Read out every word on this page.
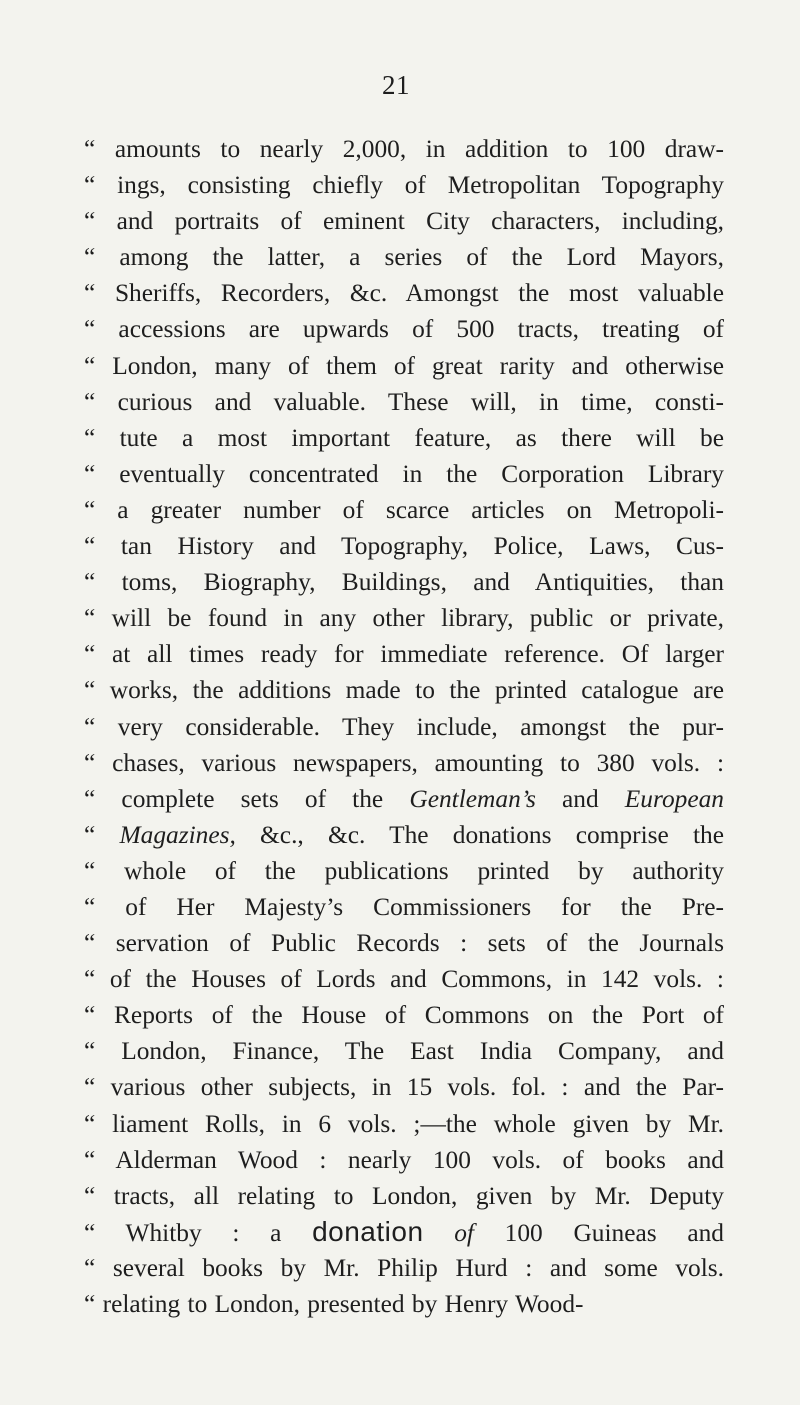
21
“ amounts to nearly 2,000, in addition to 100 draw-
“ ings, consisting chiefly of Metropolitan Topography
“ and portraits of eminent City characters, including,
“ among the latter, a series of the Lord Mayors,
“ Sheriffs, Recorders, &c. Amongst the most valuable
“ accessions are upwards of 500 tracts, treating of
“ London, many of them of great rarity and otherwise
“ curious and valuable. These will, in time, consti-
“ tute a most important feature, as there will be
“ eventually concentrated in the Corporation Library
“ a greater number of scarce articles on Metropoli-
“ tan History and Topography, Police, Laws, Cus-
“ toms, Biography, Buildings, and Antiquities, than
“ will be found in any other library, public or private,
“ at all times ready for immediate reference. Of larger
“ works, the additions made to the printed catalogue are
“ very considerable. They include, amongst the pur-
“ chases, various newspapers, amounting to 380 vols. :
“ complete sets of the Gentleman’s and European
“ Magazines, &c., &c. The donations comprise the
“ whole of the publications printed by authority
“ of Her Majesty’s Commissioners for the Pre-
“ servation of Public Records : sets of the Journals
“ of the Houses of Lords and Commons, in 142 vols. :
“ Reports of the House of Commons on the Port of
“ London, Finance, The East India Company, and
“ various other subjects, in 15 vols. fol. : and the Par-
“ liament Rolls, in 6 vols. ;—the whole given by Mr.
“ Alderman Wood : nearly 100 vols. of books and
“ tracts, all relating to London, given by Mr. Deputy
“ Whitby : a donation of 100 Guineas and
“ several books by Mr. Philip Hurd : and some vols.
“ relating to London, presented by Henry Wood-
